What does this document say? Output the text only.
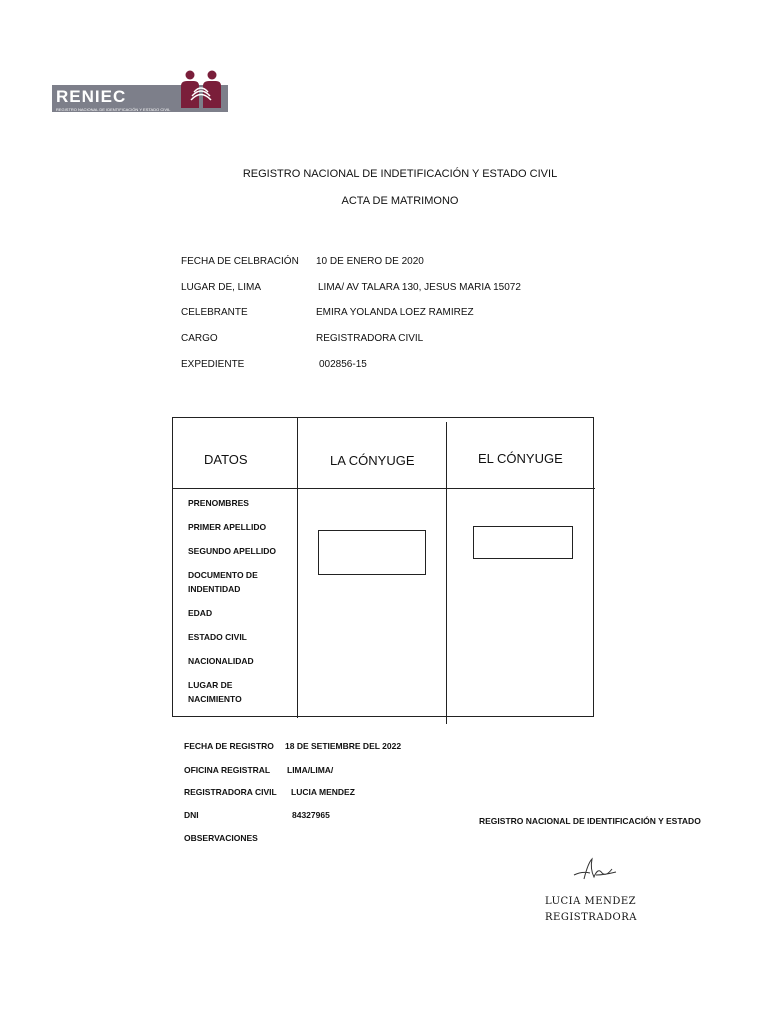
RENIEC
REGISTRO NACIONAL DE IDENTIFICACIÓN Y ESTADO CIVIL
REGISTRO NACIONAL DE INDETIFICACIÓN Y ESTADO CIVIL
ACTA DE MATRIMONO
FECHA DE CELBRACIÓN 10 DE ENERO DE 2020
LUGAR DE, LIMA	LIMA/ AV TALARA 130, JESUS MARIA 15072
CELEBRANTE	EMIRA YOLANDA LOEZ RAMIREZ
CARGO	REGISTRADORA CIVIL
EXPEDIENTE	002856-15
DATOS	LA CÓNYUGE	EL CÓNYUGE
PRENOMBRES
PRIMER APELLIDO
SEGUNDO APELLIDO
DOCUMENTO DE
INDENTIDAD
EDAD
ESTADO CIVIL
NACIONALIDAD
LUGAR DE
NACIMIENTO
FECHA DE REGISTRO 18 DE SETIEMBRE DEL 2022
OFICINA REGISTRAL LIMA/LIMA/
REGISTRADORA CIVIL LUCIA MENDEZ
DNI	84327965
OBSERVACIONES
REGISTRO NACIONAL DE IDENTIFICACIÓN Y ESTADO
LUCIA MENDEZ
REGISTRADORA
